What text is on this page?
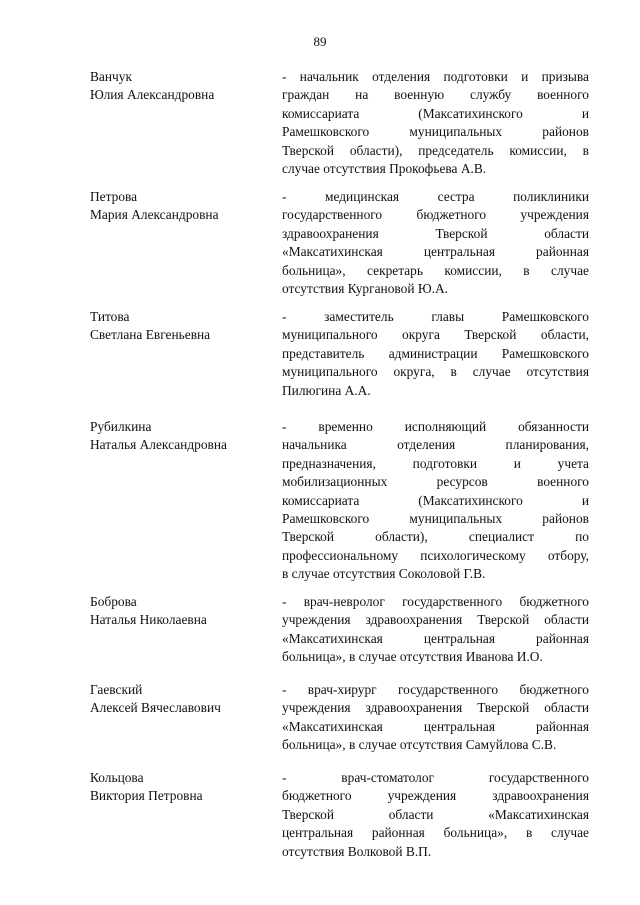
89
Ванчук
Юлия Александровна
- начальник отделения подготовки и призыва
граждан на военную службу военного
комиссариата (Максатихинского и
Рамешковского муниципальных районов
Тверской области), председатель комиссии, в
случае отсутствия Прокофьева А.В.
Петрова
Мария Александровна
- медицинская сестра поликлиники
государственного бюджетного учреждения
здравоохранения Тверской области
«Максатихинская центральная районная
больница», секретарь комиссии, в случае
отсутствия Кургановой Ю.А.
Титова
Светлана Евгеньевна
- заместитель главы Рамешковского
муниципального округа Тверской области,
представитель администрации Рамешковского
муниципального округа, в случае отсутствия
Пилюгина А.А.
Рубилкина
Наталья Александровна
- временно исполняющий обязанности
начальника отделения планирования,
предназначения, подготовки и учета
мобилизационных ресурсов военного
комиссариата (Максатихинского и
Рамешковского муниципальных районов
Тверской области), специалист по
профессиональному психологическому отбору,
в случае отсутствия Соколовой Г.В.
Боброва
Наталья Николаевна
- врач-невролог государственного бюджетного
учреждения здравоохранения Тверской области
«Максатихинская центральная районная
больница», в случае отсутствия Иванова И.О.
Гаевский
Алексей Вячеславович
- врач-хирург государственного бюджетного
учреждения здравоохранения Тверской области
«Максатихинская центральная районная
больница», в случае отсутствия Самуйлова С.В.
Кольцова
Виктория Петровна
- врач-стоматолог государственного
бюджетного учреждения здравоохранения
Тверской области «Максатихинская
центральная районная больница», в случае
отсутствия Волковой В.П.
